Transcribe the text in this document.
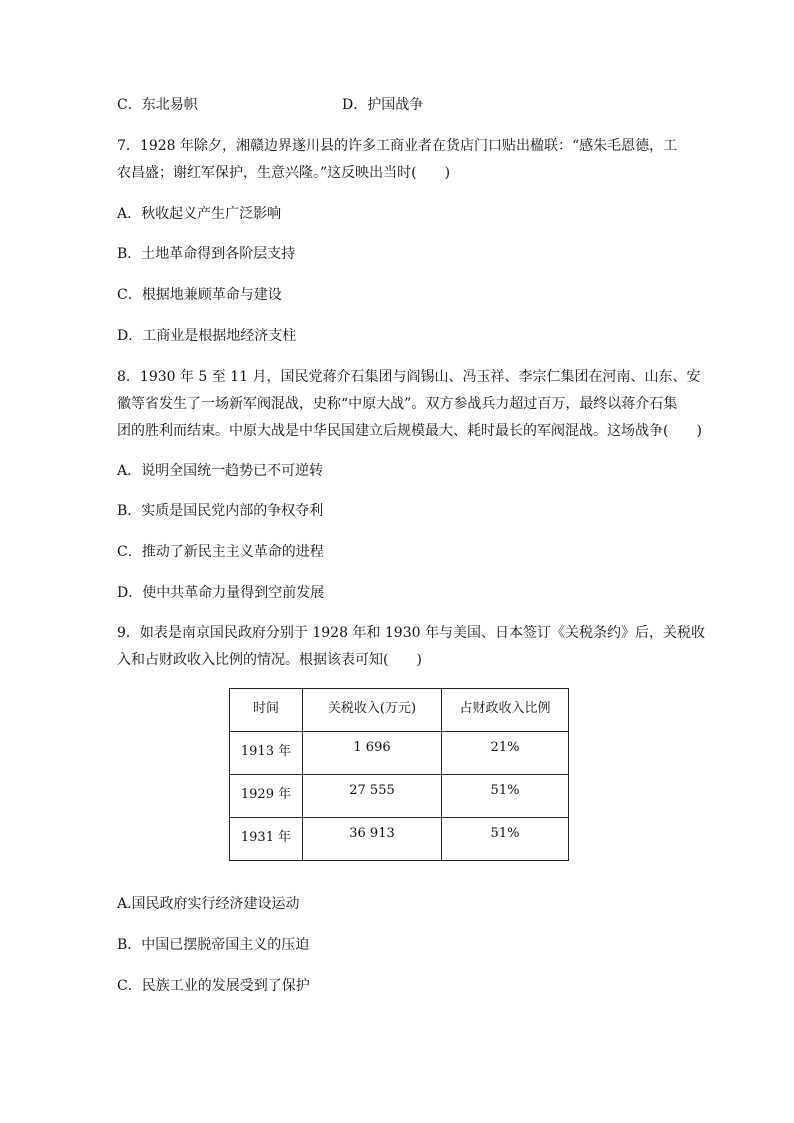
C．东北易帜	D．护国战争
7．1928 年除夕，湘赣边界遂川县的许多工商业者在货店门口贴出楹联：“感朱毛恩德，工
农昌盛；谢红军保护，生意兴隆。”这反映出当时(　　)
A．秋收起义产生广泛影响
B．土地革命得到各阶层支持
C．根据地兼顾革命与建设
D．工商业是根据地经济支柱
8．1930 年 5 至 11 月，国民党蒋介石集团与阎锡山、冯玉祥、李宗仁集团在河南、山东、安
徽等省发生了一场新军阀混战，史称“中原大战”。双方参战兵力超过百万，最终以蒋介石集
团的胜利而结束。中原大战是中华民国建立后规模最大、耗时最长的军阀混战。这场战争(　　)
A．说明全国统一趋势已不可逆转
B．实质是国民党内部的争权夺利
C．推动了新民主主义革命的进程
D．使中共革命力量得到空前发展
9．如表是南京国民政府分别于 1928 年和 1930 年与美国、日本签订《关税条约》后，关税收
入和占财政收入比例的情况。根据该表可知(　　)
时间	关税收入(万元)	占财政收入比例
1913 年	1 696	21%
1929 年	27 555	51%
1931 年	36 913	51%
A.国民政府实行经济建设运动
B．中国已摆脱帝国主义的压迫
C．民族工业的发展受到了保护
